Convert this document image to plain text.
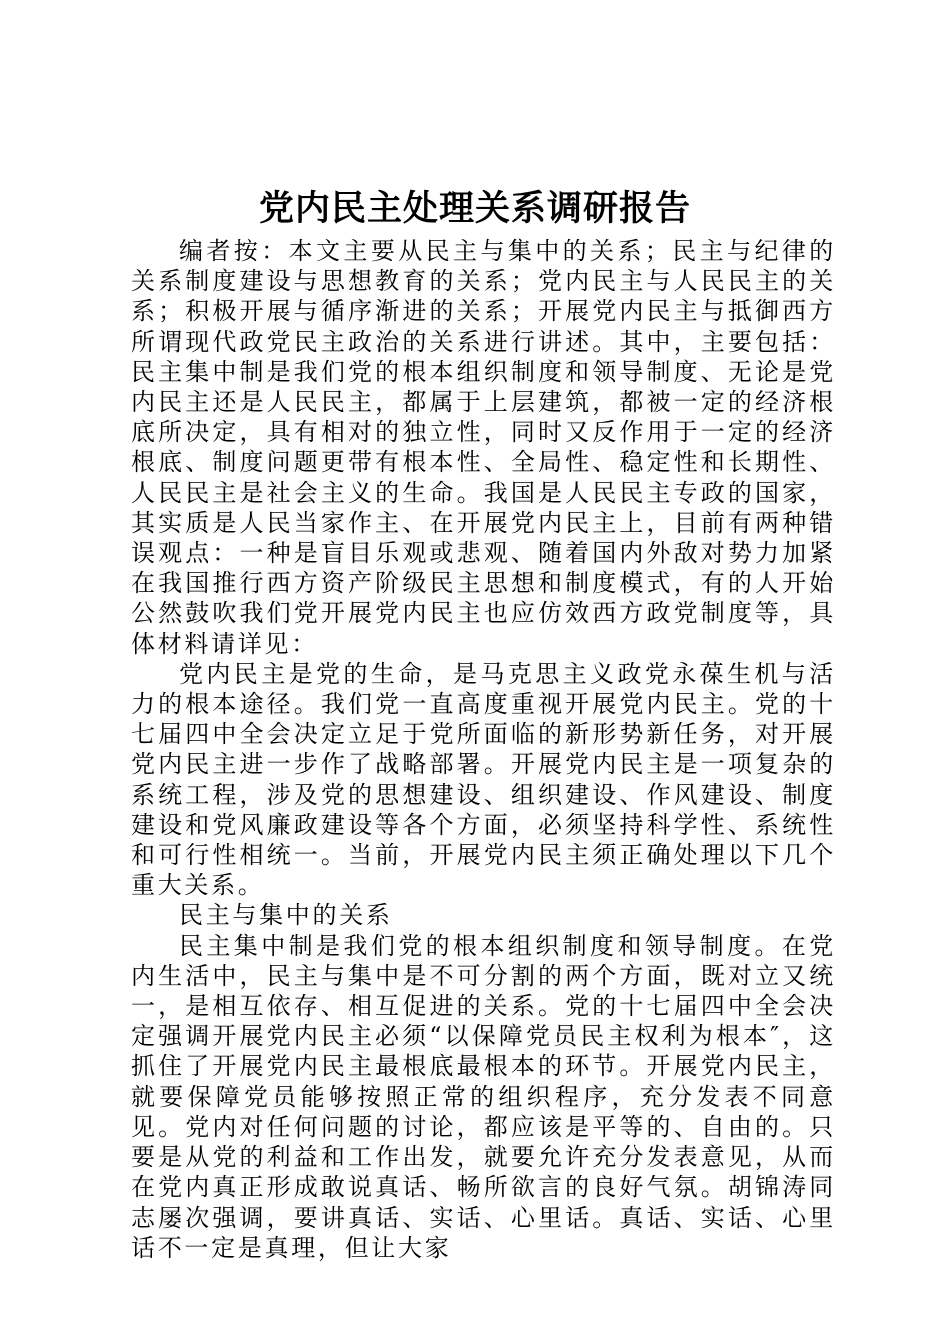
党内民主处理关系调研报告

编者按：本文主要从民主与集中的关系；民主与纪律的关系制度建设与思想教育的关系；党内民主与人民民主的关系；积极开展与循序渐进的关系；开展党内民主与抵御西方所谓现代政党民主政治的关系进行讲述。其中，主要包括：民主集中制是我们党的根本组织制度和领导制度、无论是党内民主还是人民民主，都属于上层建筑，都被一定的经济根底所决定，具有相对的独立性，同时又反作用于一定的经济根底、制度问题更带有根本性、全局性、稳定性和长期性、人民民主是社会主义的生命。我国是人民民主专政的国家，其实质是人民当家作主、在开展党内民主上，目前有两种错误观点：一种是盲目乐观或悲观、随着国内外敌对势力加紧在我国推行西方资产阶级民主思想和制度模式，有的人开始公然鼓吹我们党开展党内民主也应仿效西方政党制度等，具体材料请详见：

党内民主是党的生命，是马克思主义政党永葆生机与活力的根本途径。我们党一直高度重视开展党内民主。党的十七届四中全会决定立足于党所面临的新形势新任务，对开展党内民主进一步作了战略部署。开展党内民主是一项复杂的系统工程，涉及党的思想建设、组织建设、作风建设、制度建设和党风廉政建设等各个方面，必须坚持科学性、系统性和可行性相统一。当前，开展党内民主须正确处理以下几个重大关系。

民主与集中的关系

民主集中制是我们党的根本组织制度和领导制度。在党内生活中，民主与集中是不可分割的两个方面，既对立又统一，是相互依存、相互促进的关系。党的十七届四中全会决定强调开展党内民主必须“以保障党员民主权利为根本″，这抓住了开展党内民主最根底最根本的环节。开展党内民主，就要保障党员能够按照正常的组织程序，充分发表不同意见。党内对任何问题的讨论，都应该是平等的、自由的。只要是从党的利益和工作出发，就要允许充分发表意见，从而在党内真正形成敢说真话、畅所欲言的良好气氛。胡锦涛同志屡次强调，要讲真话、实话、心里话。真话、实话、心里话不一定是真理，但让大家
